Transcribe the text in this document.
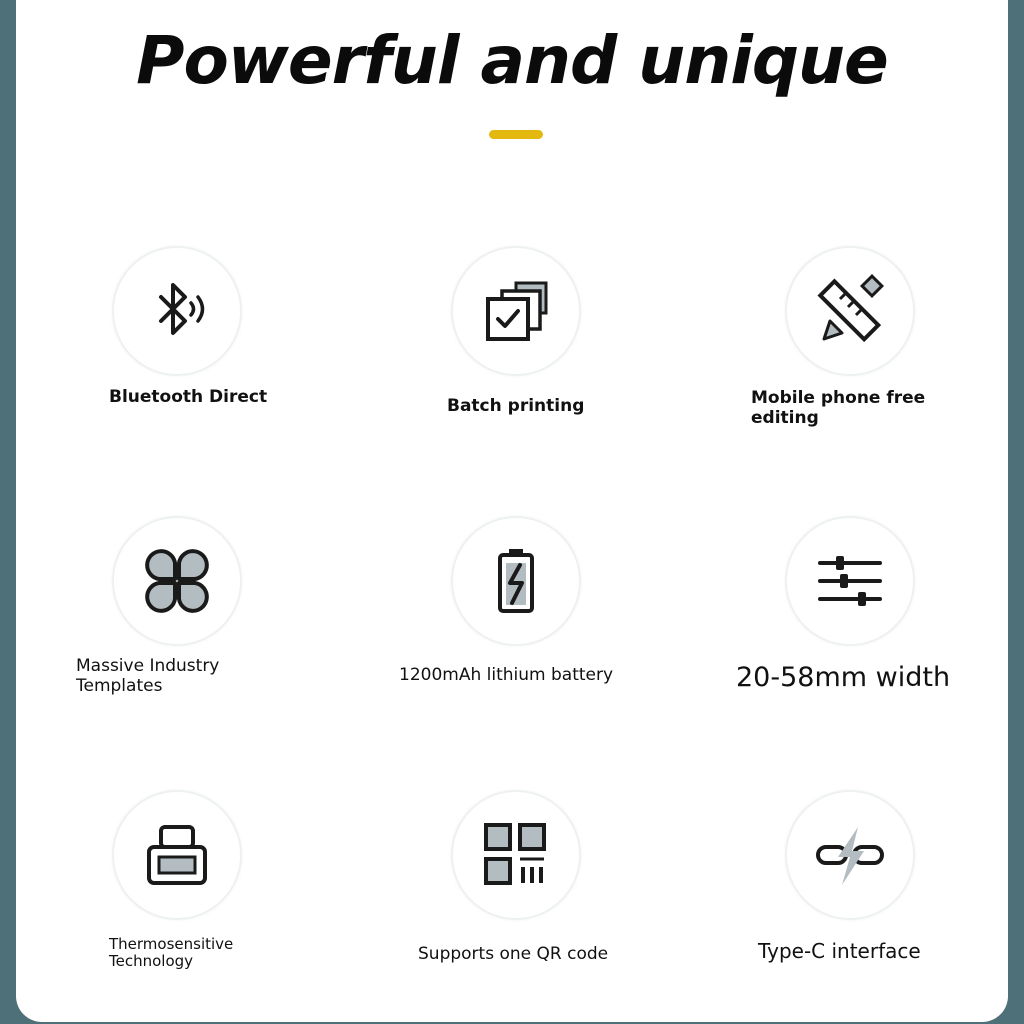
Powerful and unique
Bluetooth Direct	Batch printing	Mobile phone free
editing
Massive Industry
Templates
1200mAh lithium battery	20-58mm width
Thermosensitive
Technology	Supports one QR code	Type-C interface
